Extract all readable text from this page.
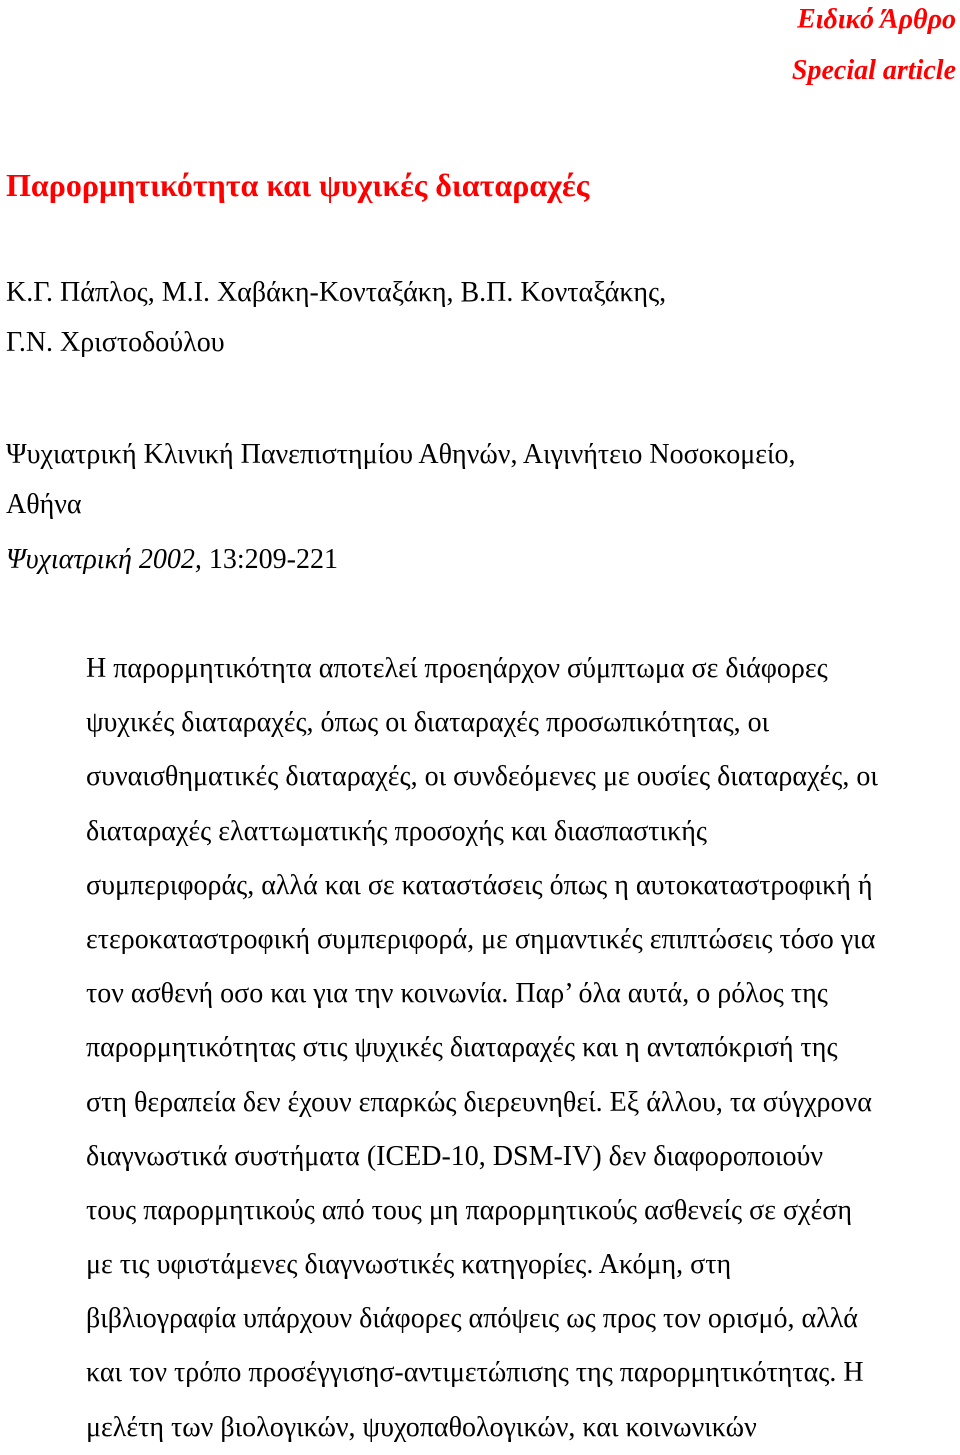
Ειδικό Άρθρο
Special article
Παρορμητικότητα και ψυχικές διαταραχές
Κ.Γ. Πάπλος, Μ.Ι. Χαβάκη-Κονταξάκη, Β.Π. Κονταξάκης,
Γ.Ν. Χριστοδούλου
Ψυχιατρική Κλινική Πανεπιστημίου Αθηνών, Αιγινήτειο Νοσοκομείο,
Αθήνα
Ψυχιατρική 2002, 13:209-221
Η παρορμητικότητα αποτελεί προεηάρχον σύμπτωμα σε διάφορες
ψυχικές διαταραχές, όπως οι διαταραχές προσωπικότητας, οι
συναισθηματικές διαταραχές, οι συνδεόμενες με ουσίες διαταραχές, οι
διαταραχές ελαττωματικής προσοχής και διασπαστικής
συμπεριφοράς, αλλά και σε καταστάσεις όπως η αυτοκαταστροφική ή
ετεροκαταστροφική συμπεριφορά, με σημαντικές επιπτώσεις τόσο για
τον ασθενή οσο και για την κοινωνία. Παρ’ όλα αυτά, ο ρόλος της
παρορμητικότητας στις ψυχικές διαταραχές και η ανταπόκρισή της
στη θεραπεία δεν έχουν επαρκώς διερευνηθεί. Εξ άλλου, τα σύγχρονα
διαγνωστικά συστήματα (ICED-10, DSM-IV) δεν διαφοροποιούν
τους παρορμητικούς από τους μη παρορμητικούς ασθενείς σε σχέση
με τις υφιστάμενες διαγνωστικές κατηγορίες. Ακόμη, στη
βιβλιογραφία υπάρχουν διάφορες απόψεις ως προς τον ορισμό, αλλά
και τον τρόπο προσέγγισησ-αντιμετώπισης της παρορμητικότητας. Η
μελέτη των βιολογικών, ψυχοπαθολογικών, και κοινωνικών
